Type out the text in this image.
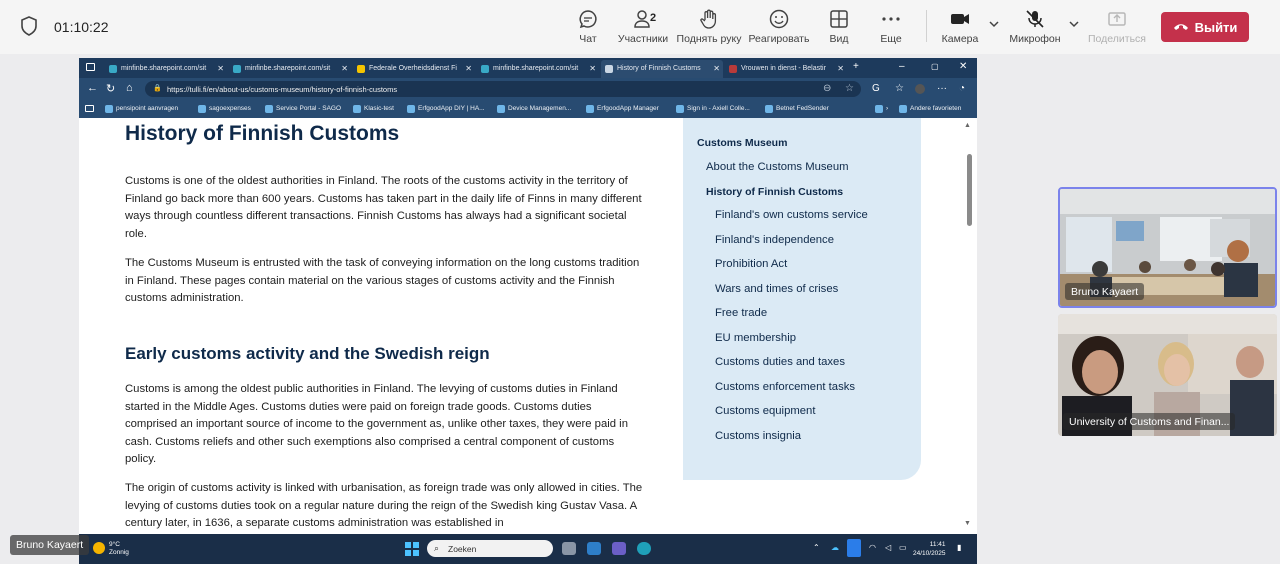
01:10:22
Чат
2
Участники Поднять руку Реагировать	Вид	Еще	Камера	Микрофон	Поделиться
Выйти
minfinbe.sharepoint.com/sit ✕	minfinbe.sharepoint.com/sit ✕	Federale Overheidsdienst Fi ✕	minfinbe.sharepoint.com/sit ✕	History of Finnish Customs ✕	Vrouwen in dienst - Belastir ✕ +	–	▢ ✕
← ↻ ⌂	🔒 https://tulli.fi/en/about-us/customs-museum/history-of-finnish-customs	⊖ ☆ G ☆	··· ◔
pensipoint aanvragen	sagoexpenses	Service Portal - SAGO	Klasic-test	ErfgoodApp DIY | HA...	Device Managemen...	ErfgoodApp Manager	Sign in - Axiell Colle...	Betnet FedSender	›	Andere favorieten
History of Finnish Customs

Customs is one of the oldest authorities in Finland. The roots of the customs activity in the territory of Finland go back more than 600 years. Customs has taken part in the daily life of Finns in many different ways through countless different transactions. Finnish Customs has always had a significant societal role.

The Customs Museum is entrusted with the task of conveying information on the long customs tradition in Finland. These pages contain material on the various stages of customs activity and the Finnish customs administration.

Early customs activity and the Swedish reign

Customs is among the oldest public authorities in Finland. The levying of customs duties in Finland started in the Middle Ages. Customs duties were paid on foreign trade goods. Customs duties comprised an important source of income to the government as, unlike other taxes, they were paid in cash. Customs reliefs and other such exemptions also comprised a central component of customs policy.

The origin of customs activity is linked with urbanisation, as foreign trade was only allowed in cities. The levying of customs duties took on a regular nature during the reign of the Swedish king Gustav Vasa. A century later, in 1636, a separate customs administration was established in

Customs Museum
About the Customs Museum
History of Finnish Customs
Finland's own customs service
Finland's independence
Prohibition Act
Wars and times of crises
Free trade
EU membership
Customs duties and taxes
Customs enforcement tasks
Customs equipment
Customs insignia
▲
▼
9°C
Zonnig	⌕ Zoeken	⌃ ☁	◠ ◁ ▭	11:41
24/10/2025
▮
Bruno Kayaert
University of Customs and Finan...
Bruno Kayaert
